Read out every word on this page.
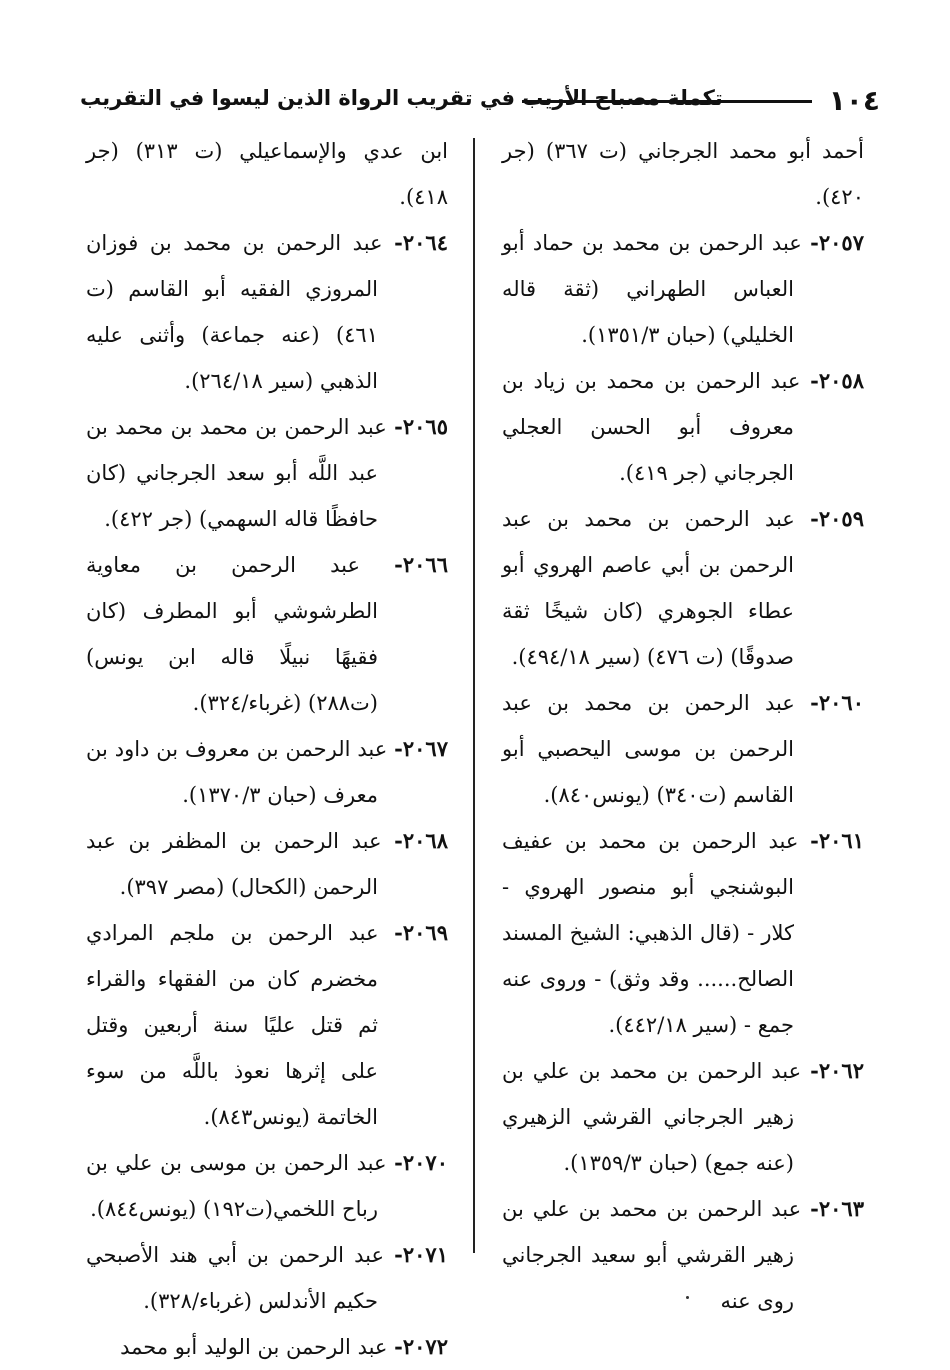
١٠٤
تكملة مصباح الأريب في تقريب الرواة الذين ليسوا في التقريب
أحمد أبو محمد الجرجاني (ت ٣٦٧) (جر ٤٢٠).
٢٠٥٧- عبد الرحمن بن محمد بن حماد أبو العباس الطهراني (ثقة قاله الخليلي) (حبان ١٣٥١/٣).
٢٠٥٨- عبد الرحمن بن محمد بن زياد بن معروف أبو الحسن العجلي الجرجاني (جر ٤١٩).
٢٠٥٩- عبد الرحمن بن محمد بن عبد الرحمن بن أبي عاصم الهروي أبو عطاء الجوهري (كان شيخًا ثقة صدوقًا) (ت ٤٧٦) (سير ٤٩٤/١٨).
٢٠٦٠- عبد الرحمن بن محمد بن عبد الرحمن بن موسى اليحصبي أبو القاسم (ت٣٤٠) (يونس٨٤٠).
٢٠٦١- عبد الرحمن بن محمد بن عفيف البوشنجي أبو منصور الهروي - كلار - (قال الذهبي: الشيخ المسند الصالح...... وقد وثق) - وروى عنه جمع - (سير ٤٤٢/١٨).
٢٠٦٢- عبد الرحمن بن محمد بن علي بن زهير الجرجاني القرشي الزهيري (عنه جمع) (حبان ١٣٥٩/٣).
٢٠٦٣- عبد الرحمن بن محمد بن علي بن زهير القرشي أبو سعيد الجرجاني روى عنه
ابن عدي والإسماعيلي (ت ٣١٣) (جر ٤١٨).
٢٠٦٤- عبد الرحمن بن محمد بن فوزان المروزي الفقيه أبو القاسم (ت ٤٦١) (عنه جماعة) وأثنى عليه الذهبي (سير ٢٦٤/١٨).
٢٠٦٥- عبد الرحمن بن محمد بن محمد بن عبد اللَّه أبو سعد الجرجاني (كان حافظًا قاله السهمي) (جر ٤٢٢).
٢٠٦٦- عبد الرحمن بن معاوية الطرشوشي أبو المطرف (كان فقيهًا نبيلًا قاله ابن يونس) (ت٢٨٨) (غرباء/٣٢٤).
٢٠٦٧- عبد الرحمن بن معروف بن داود بن معرف (حبان ١٣٧٠/٣).
٢٠٦٨- عبد الرحمن بن المظفر بن عبد الرحمن (الكحال) (مصر ٣٩٧).
٢٠٦٩- عبد الرحمن بن ملجم المرادي مخضرم كان من الفقهاء والقراء ثم قتل عليًا سنة أربعين وقتل على إثرها نعوذ باللَّه من سوء الخاتمة (يونس٨٤٣).
٢٠٧٠- عبد الرحمن بن موسى بن علي بن رباح اللخمي(ت١٩٢) (يونس٨٤٤).
٢٠٧١- عبد الرحمن بن أبي هند الأصبحي حكيم الأندلس (غرباء/٣٢٨).
٢٠٧٢- عبد الرحمن بن الوليد أبو محمد
